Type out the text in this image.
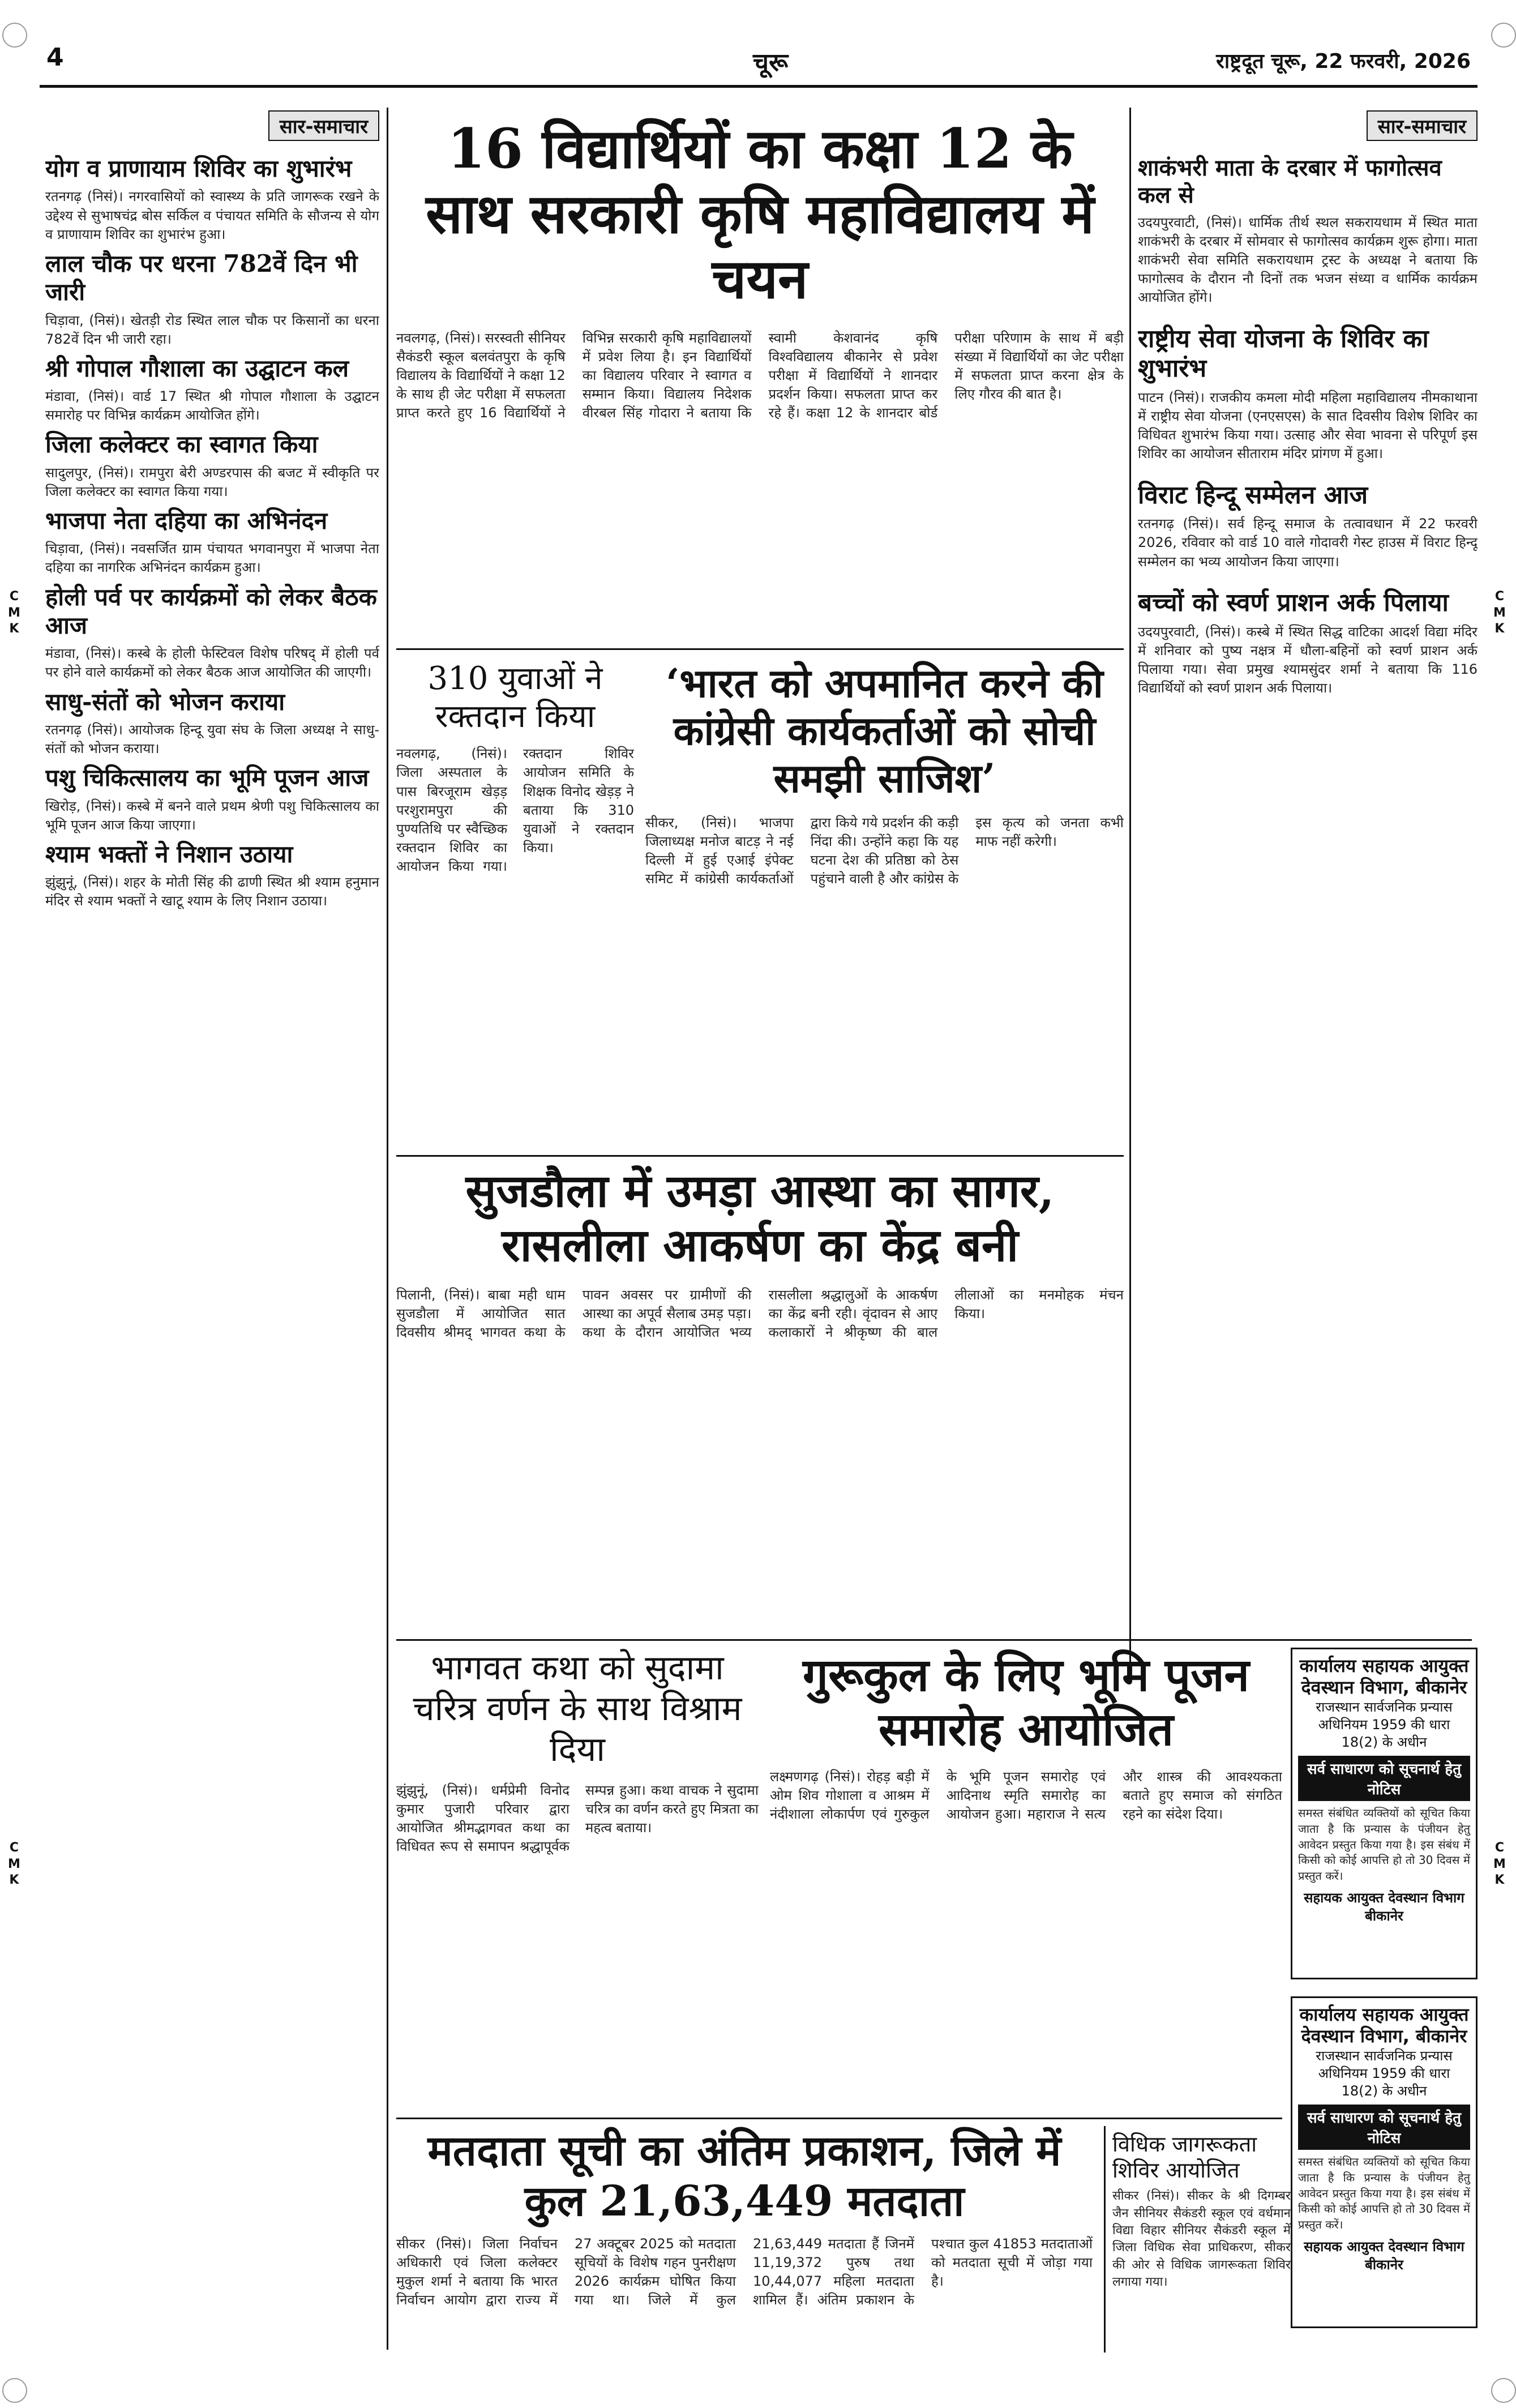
4	चूरू	राष्ट्रदूत चूरू, 22 फरवरी, 2026
C
M
K
C
M
K
C
M
K
C
M
K
सार-समाचार
योग व प्राणायाम शिविर का शुभारंभ

रतनगढ़ (निसं)। नगरवासियों को स्वास्थ्य के प्रति जागरूक रखने के उद्देश्य से सुभाषचंद्र बोस सर्किल व पंचायत समिति के सौजन्य से योग व प्राणायाम शिविर का शुभारंभ हुआ।

लाल चौक पर धरना 782वें दिन भी जारी

चिड़ावा, (निसं)। खेतड़ी रोड स्थित लाल चौक पर किसानों का धरना 782वें दिन भी जारी रहा।

श्री गोपाल गौशाला का उद्घाटन कल

मंडावा, (निसं)। वार्ड 17 स्थित श्री गोपाल गौशाला के उद्घाटन समारोह पर विभिन्न कार्यक्रम आयोजित होंगे।

जिला कलेक्टर का स्वागत किया

सादुलपुर, (निसं)। रामपुरा बेरी अण्डरपास की बजट में स्वीकृति पर जिला कलेक्टर का स्वागत किया गया।

भाजपा नेता दहिया का अभिनंदन

चिड़ावा, (निसं)। नवसर्जित ग्राम पंचायत भगवानपुरा में भाजपा नेता दहिया का नागरिक अभिनंदन कार्यक्रम हुआ।

होली पर्व पर कार्यक्रमों को लेकर बैठक आज

मंडावा, (निसं)। कस्बे के होली फेस्टिवल विशेष परिषद् में होली पर्व पर होने वाले कार्यक्रमों को लेकर बैठक आज आयोजित की जाएगी।

साधु-संतों को भोजन कराया

रतनगढ़ (निसं)। आयोजक हिन्दू युवा संघ के जिला अध्यक्ष ने साधु-संतों को भोजन कराया।

पशु चिकित्सालय का भूमि पूजन आज

खिरोड़, (निसं)। कस्बे में बनने वाले प्रथम श्रेणी पशु चिकित्सालय का भूमि पूजन आज किया जाएगा।

श्याम भक्तों ने निशान उठाया

झुंझुनूं, (निसं)। शहर के मोती सिंह की ढाणी स्थित श्री श्याम हनुमान मंदिर से श्याम भक्तों ने खाटू श्याम के लिए निशान उठाया।

16 विद्यार्थियों का कक्षा 12 के साथ सरकारी कृषि महाविद्यालय में चयन

नवलगढ़, (निसं)। सरस्वती सीनियर सैकंडरी स्कूल बलवंतपुरा के कृषि विद्यालय के विद्यार्थियों ने कक्षा 12 के साथ ही जेट परीक्षा में सफलता प्राप्त करते हुए 16 विद्यार्थियों ने विभिन्न सरकारी कृषि महाविद्यालयों में प्रवेश लिया है। इन विद्यार्थियों का विद्यालय परिवार ने स्वागत व सम्मान किया। विद्यालय निदेशक वीरबल सिंह गोदारा ने बताया कि स्वामी केशवानंद कृषि विश्वविद्यालय बीकानेर से प्रवेश परीक्षा में विद्यार्थियों ने शानदार प्रदर्शन किया। सफलता प्राप्त कर रहे हैं। कक्षा 12 के शानदार बोर्ड परीक्षा परिणाम के साथ में बड़ी संख्या में विद्यार्थियों का जेट परीक्षा में सफलता प्राप्त करना क्षेत्र के लिए गौरव की बात है।

310 युवाओं ने रक्तदान किया

नवलगढ़, (निसं)। जिला अस्पताल के पास बिरजूराम खेड़ड़ परशुरामपुरा की पुण्यतिथि पर स्वैच्छिक रक्तदान शिविर का आयोजन किया गया। रक्तदान शिविर आयोजन समिति के शिक्षक विनोद खेड़ड़ ने बताया कि 310 युवाओं ने रक्तदान किया।

‘भारत को अपमानित करने की कांग्रेसी कार्यकर्ताओं को सोची समझी साजिश’

सीकर, (निसं)। भाजपा जिलाध्यक्ष मनोज बाटड़ ने नई दिल्ली में हुई एआई इंपेक्ट समिट में कांग्रेसी कार्यकर्ताओं द्वारा किये गये प्रदर्शन की कड़ी निंदा की। उन्होंने कहा कि यह घटना देश की प्रतिष्ठा को ठेस पहुंचाने वाली है और कांग्रेस के इस कृत्य को जनता कभी माफ नहीं करेगी।

सुजडौला में उमड़ा आस्था का सागर, रासलीला आकर्षण का केंद्र बनी

पिलानी, (निसं)। बाबा मही धाम सुजडौला में आयोजित सात दिवसीय श्रीमद् भागवत कथा के पावन अवसर पर ग्रामीणों की आस्था का अपूर्व सैलाब उमड़ पड़ा। कथा के दौरान आयोजित भव्य रासलीला श्रद्धालुओं के आकर्षण का केंद्र बनी रही। वृंदावन से आए कलाकारों ने श्रीकृष्ण की बाल लीलाओं का मनमोहक मंचन किया।

सार-समाचार
शाकंभरी माता के दरबार में फागोत्सव कल से

उदयपुरवाटी, (निसं)। धार्मिक तीर्थ स्थल सकरायधाम में स्थित माता शाकंभरी के दरबार में सोमवार से फागोत्सव कार्यक्रम शुरू होगा। माता शाकंभरी सेवा समिति सकरायधाम ट्रस्ट के अध्यक्ष ने बताया कि फागोत्सव के दौरान नौ दिनों तक भजन संध्या व धार्मिक कार्यक्रम आयोजित होंगे।

राष्ट्रीय सेवा योजना के शिविर का शुभारंभ

पाटन (निसं)। राजकीय कमला मोदी महिला महाविद्यालय नीमकाथाना में राष्ट्रीय सेवा योजना (एनएसएस) के सात दिवसीय विशेष शिविर का विधिवत शुभारंभ किया गया। उत्साह और सेवा भावना से परिपूर्ण इस शिविर का आयोजन सीताराम मंदिर प्रांगण में हुआ।

विराट हिन्दू सम्मेलन आज

रतनगढ़ (निसं)। सर्व हिन्दू समाज के तत्वावधान में 22 फरवरी 2026, रविवार को वार्ड 10 वाले गोदावरी गेस्ट हाउस में विराट हिन्दू सम्मेलन का भव्य आयोजन किया जाएगा।

बच्चों को स्वर्ण प्राशन अर्क पिलाया

उदयपुरवाटी, (निसं)। कस्बे में स्थित सिद्ध वाटिका आदर्श विद्या मंदिर में शनिवार को पुष्य नक्षत्र में धौला-बहिनों को स्वर्ण प्राशन अर्क पिलाया गया। सेवा प्रमुख श्यामसुंदर शर्मा ने बताया कि 116 विद्यार्थियों को स्वर्ण प्राशन अर्क पिलाया।

भागवत कथा को सुदामा चरित्र वर्णन के साथ विश्राम दिया

झुंझुनूं, (निसं)। धर्मप्रेमी विनोद कुमार पुजारी परिवार द्वारा आयोजित श्रीमद्भागवत कथा का विधिवत रूप से समापन श्रद्धापूर्वक सम्पन्न हुआ। कथा वाचक ने सुदामा चरित्र का वर्णन करते हुए मित्रता का महत्व बताया।

गुरूकुल के लिए भूमि पूजन समारोह आयोजित

लक्ष्मणगढ़ (निसं)। रोहड़ बड़ी में ओम शिव गोशाला व आश्रम में नंदीशाला लोकार्पण एवं गुरुकुल के भूमि पूजन समारोह एवं आदिनाथ स्मृति समारोह का आयोजन हुआ। महाराज ने सत्य और शास्त्र की आवश्यकता बताते हुए समाज को संगठित रहने का संदेश दिया।

कार्यालय सहायक आयुक्त देवस्थान विभाग, बीकानेर
राजस्थान सार्वजनिक प्रन्यास अधिनियम 1959 की धारा 18(2) के अधीन
सर्व साधारण को सूचनार्थ हेतु नोटिस

समस्त संबंधित व्यक्तियों को सूचित किया जाता है कि प्रन्यास के पंजीयन हेतु आवेदन प्रस्तुत किया गया है। इस संबंध में किसी को कोई आपत्ति हो तो 30 दिवस में प्रस्तुत करें।

सहायक आयुक्त देवस्थान विभाग बीकानेर
कार्यालय सहायक आयुक्त देवस्थान विभाग, बीकानेर
राजस्थान सार्वजनिक प्रन्यास अधिनियम 1959 की धारा 18(2) के अधीन
सर्व साधारण को सूचनार्थ हेतु नोटिस

समस्त संबंधित व्यक्तियों को सूचित किया जाता है कि प्रन्यास के पंजीयन हेतु आवेदन प्रस्तुत किया गया है। इस संबंध में किसी को कोई आपत्ति हो तो 30 दिवस में प्रस्तुत करें।

सहायक आयुक्त देवस्थान विभाग बीकानेर
मतदाता सूची का अंतिम प्रकाशन, जिले में कुल 21,63,449 मतदाता

सीकर (निसं)। जिला निर्वाचन अधिकारी एवं जिला कलेक्टर मुकुल शर्मा ने बताया कि भारत निर्वाचन आयोग द्वारा राज्य में 27 अक्टूबर 2025 को मतदाता सूचियों के विशेष गहन पुनरीक्षण 2026 कार्यक्रम घोषित किया गया था। जिले में कुल 21,63,449 मतदाता हैं जिनमें 11,19,372 पुरुष तथा 10,44,077 महिला मतदाता शामिल हैं। अंतिम प्रकाशन के पश्चात कुल 41853 मतदाताओं को मतदाता सूची में जोड़ा गया है।

विधिक जागरूकता शिविर आयोजित

सीकर (निसं)। सीकर के श्री दिगम्बर जैन सीनियर सैकंडरी स्कूल एवं वर्धमान विद्या विहार सीनियर सैकंडरी स्कूल में जिला विधिक सेवा प्राधिकरण, सीकर की ओर से विधिक जागरूकता शिविर लगाया गया।
